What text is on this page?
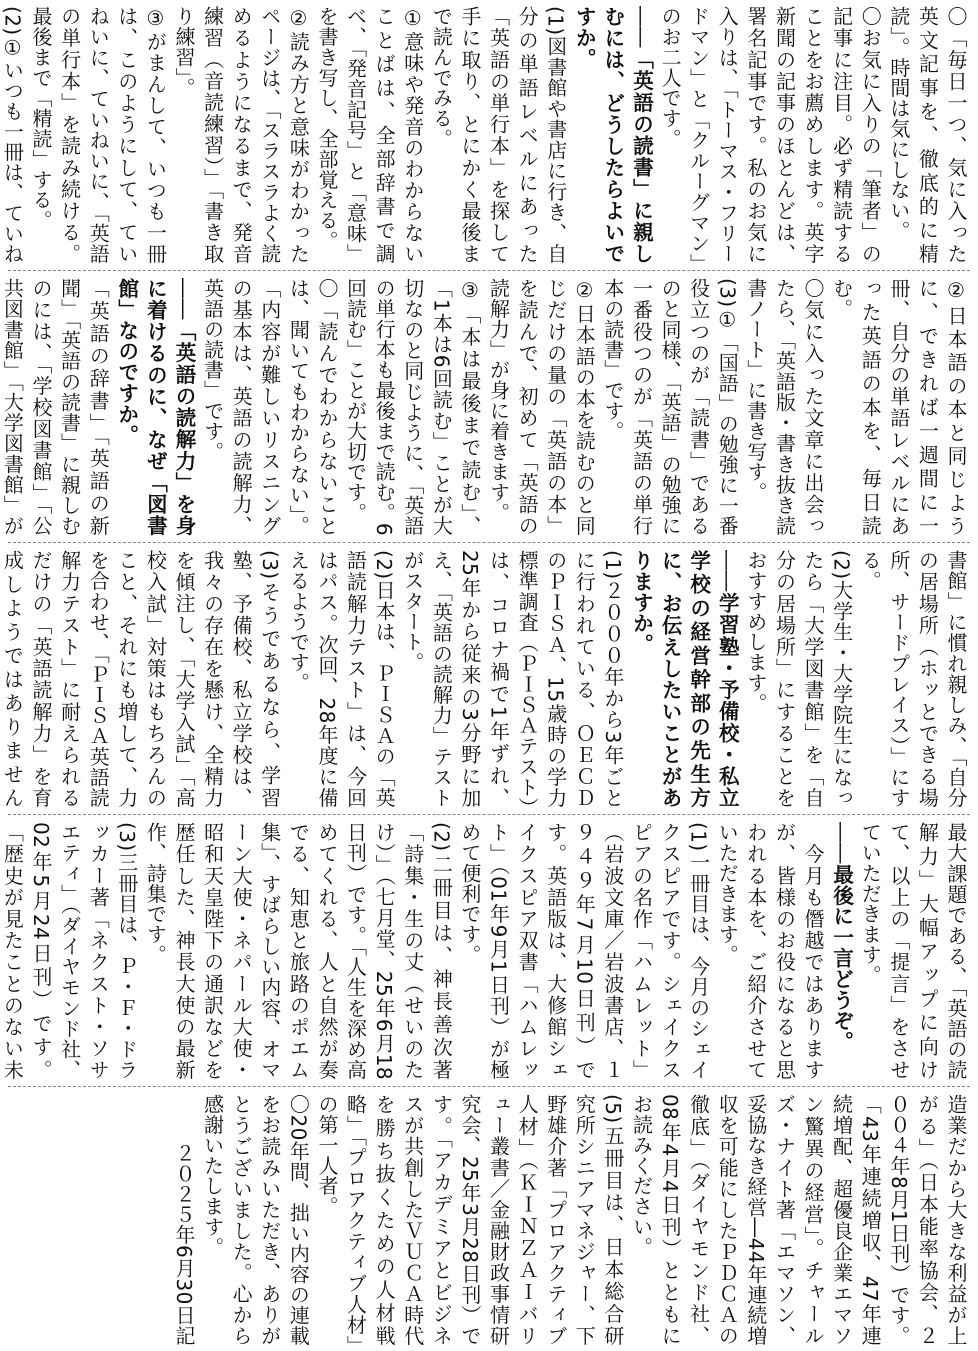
〇「毎日一つ、気に入った英文記事を、徹底的に精読」。時間は気にしない。

〇お気に入りの「筆者」の記事に注目。必ず精読することをお薦めします。英字新聞の記事のほとんどは、署名記事です。私のお気に入りは、「トーマス・フリードマン」と「クルーグマン」のお二人です。

――「英語の読書」に親しむには、どうしたらよいですか。

(1)図書館や書店に行き、自分の単語レベルにあった「英語の単行本」を探して手に取り、とにかく最後まで読んでみる。

①意味や発音のわからないことばは、全部辞書で調べ、「発音記号」と「意味」を書き写し、全部覚える。

②読み方と意味がわかったページは、「スラスラよく読めるようになるまで、発音練習（音読練習）」「書き取り練習」。

③がまんして、いつも一冊は、このようにして、ていねいに、ていねいに、「英語の単行本」を読み続ける。最後まで「精読」する。

(2)①いつも一冊は、ていね

②日本語の本と同じように、できれば一週間に一冊、自分の単語レベルにあった英語の本を、毎日読む。

〇気に入った文章に出会ったら、「英語版・書き抜き読書ノート」に書き写す。

(3)①「国語」の勉強に一番役立つのが「読書」であるのと同様、「英語」の勉強に一番役つのが「英語の単行本の読書」です。

②日本語の本を読むのと同じだけの量の「英語の本」を読んで、初めて「英語の読解力」が身に着きます。

③「本は最後まで読む」、「1本は6回読む」ことが大切なのと同じように、「英語の単行本も最後まで読む。6回読む」ことが大切です。

〇「読んでわからないことは、聞いてもわからない」。「内容が難しいリスニングの基本は、英語の読解力、英語の読書」です。

――「英語の読解力」を身に着けるのに、なぜ「図書館」なのですか。

「英語の辞書」「英語の新聞」「英語の読書」に親しむのには、「学校図書館」「公共図書館」「大学図書館」が

書館」に慣れ親しみ、「自分の居場所（ホッとできる場所、サードプレイス）」にする。

(2)大学生・大学院生になったら「大学図書館」を「自分の居場所」にすることをおすすめします。

――学習塾・予備校・私立学校の経営幹部の先生方に、お伝えしたいことがありますか。

(1)２０００年から3年ごとに行われている、ＯＥＣＤのＰＩＳＡ、15歳時の学力標準調査（ＰＩＳＡテスト）は、コロナ禍で1年ずれ、25年から従来の3分野に加え、「英語の読解力」テストがスタート。

(2)日本は、ＰＩＳＡの「英語読解力テスト」は、今回はパス。次回、28年度に備えるようです。

(3)そうであるなら、学習塾、予備校、私立学校は、我々の存在を懸け、全精力を傾注し、「大学入試」「高校入試」対策はもちろんのこと、それにも増して、力を合わせ、「ＰＩＳＡ英語読解力テスト」に耐えられるだけの「英語読解力」を育成しようではありません

最大課題である、「英語の読解力」大幅アップに向けて、以上の「提言」をさせていただきます。

――最後に一言どうぞ。

　今月も僭越ではありますが、皆様のお役になると思われる本を、ご紹介させていただきます。

(1)一冊目は、今月のシェイクスピアです。シェイクスピアの名作「ハムレット」（岩波文庫／岩波書店、１９４９年7月10日刊）です。英語版は、大修館シェイクスピア双書「ハムレット」（01年9月1日刊）が極めて便利です。

(2)二冊目は、神長善次著「詩集・生の丈（せいのたけ）」（七月堂、25年6月18日刊）です。「人生を深め高めてくれる、人と自然が奏でる、知恵と旅路のポエム集」、すばらしい内容、オマーン大使・ネパール大使・昭和天皇陛下の通訳などを歴任した、神長大使の最新作、詩集です。

(3)三冊目は、Ｐ・Ｆ・ドラッカー著「ネクスト・ソサエティ」（ダイヤモンド社、02年5月24日刊）です。「歴史が見たことのない未

造業だから大きな利益が上がる」（日本能率協会、２００４年8月1日刊）です。「43年連続増収、47年連続増配、超優良企業エマソン驚異の経営」。チャールズ・ナイト著「エマソン、妥協なき経営―44年連続増収を可能にしたＰＤＣＡの徹底」（ダイヤモンド社、08年4月4日刊）とともにお読みください。

(5)五冊目は、日本総合研究所シニアマネジャー、下野雄介著「プロアクティブ人材」（ＫＩＮＺＡＩバリュー叢書／金融財政事情研究会、25年3月28日刊）です。「アカデミアとビジネスが共創したＶＵＣＡ時代を勝ち抜くための人材戦略」「プロアクティブ人材」の第一人者。

〇20年間、拙い内容の連載をお読みいただき、ありがとうございました。心から感謝いたします。

２０２５年6月30日記
